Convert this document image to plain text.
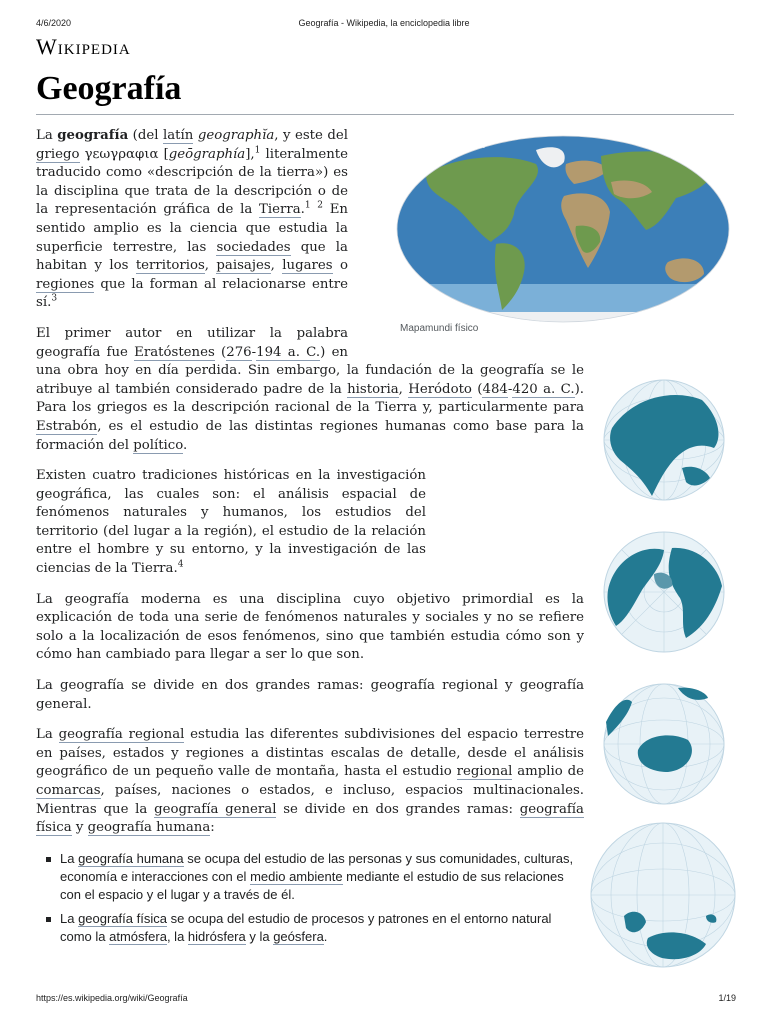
4/6/2020	Geografía - Wikipedia, la enciclopedia libre
Wikipedia
Geografía
Physical Map of the World, April 2000
Mapamundi físico

La geografía (del latín geographĭa, y este del griego γεωγραφια [geōgraphía],$^1$ literalmente traducido como «descripción de la tierra») es la disciplina que trata de la descripción o de la representación gráfica de la Tierra.$^1$ $^2$ En sentido amplio es la ciencia que estudia la superficie terrestre, las sociedades que la habitan y los territorios, paisajes, lugares o regiones que la forman al relacionarse entre sí.$^3$

El primer autor en utilizar la palabra geografía fue Eratóstenes (276-194 a. C.) en una obra hoy en día perdida. Sin embargo, la fundación de la geografía se le atribuye al también considerado padre de la historia, Heródoto (484-420 a. C.). Para los griegos es la descripción racional de la Tierra y, particularmente para Estrabón, es el estudio de las distintas regiones humanas como base para la formación del político.

Existen cuatro tradiciones históricas en la investigación geográfica, las cuales son: el análisis espacial de fenómenos naturales y humanos, los estudios del territorio (del lugar a la región), el estudio de la relación entre el hombre y su entorno, y la investigación de las ciencias de la Tierra.$^4$

La geografía moderna es una disciplina cuyo objetivo primordial es la explicación de toda una serie de fenómenos naturales y sociales y no se refiere solo a la localización de esos fenómenos, sino que también estudia cómo son y cómo han cambiado para llegar a ser lo que son.

La geografía se divide en dos grandes ramas: geografía regional y geografía general.

La geografía regional estudia las diferentes subdivisiones del espacio terrestre en países, estados y regiones a distintas escalas de detalle, desde el análisis geográfico de un pequeño valle de montaña, hasta el estudio regional amplio de comarcas, países, naciones o estados, e incluso, espacios multinacionales. Mientras que la geografía general se divide en dos grandes ramas: geografía física y geografía humana:

La geografía humana se ocupa del estudio de las personas y sus comunidades, culturas, economía e interacciones con el medio ambiente mediante el estudio de sus relaciones con el espacio y el lugar y a través de él.
La geografía física se ocupa del estudio de procesos y patrones en el entorno natural como la atmósfera, la hidrósfera y la geósfera.
https://es.wikipedia.org/wiki/Geografía	1/19
